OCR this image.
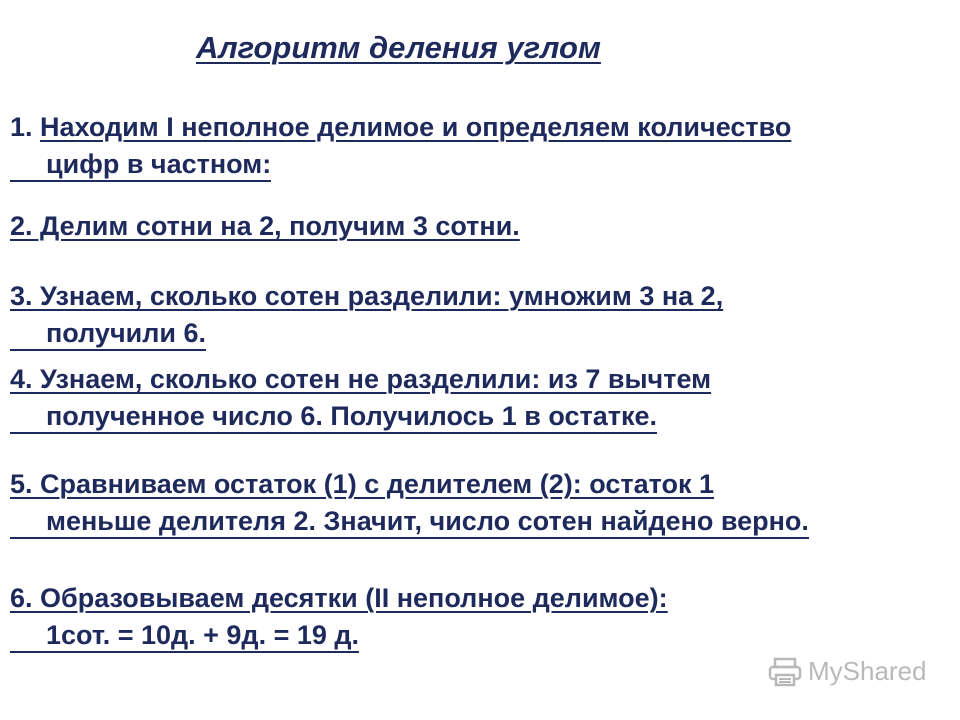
Алгоритм деления углом
1. Находим I неполное делимое и определяем количество
цифр в частном:
2. Делим сотни на 2, получим 3 сотни.
3. Узнаем, сколько сотен разделили: умножим 3 на 2,
получили 6.
4. Узнаем, сколько сотен не разделили: из 7 вычтем
полученное число 6. Получилось 1 в остатке.
5. Сравниваем остаток (1) с делителем (2): остаток 1
меньше делителя 2. Значит, число сотен найдено верно.
6. Образовываем десятки (II неполное делимое):
1сот. = 10д. + 9д. = 19 д.
MyShared
